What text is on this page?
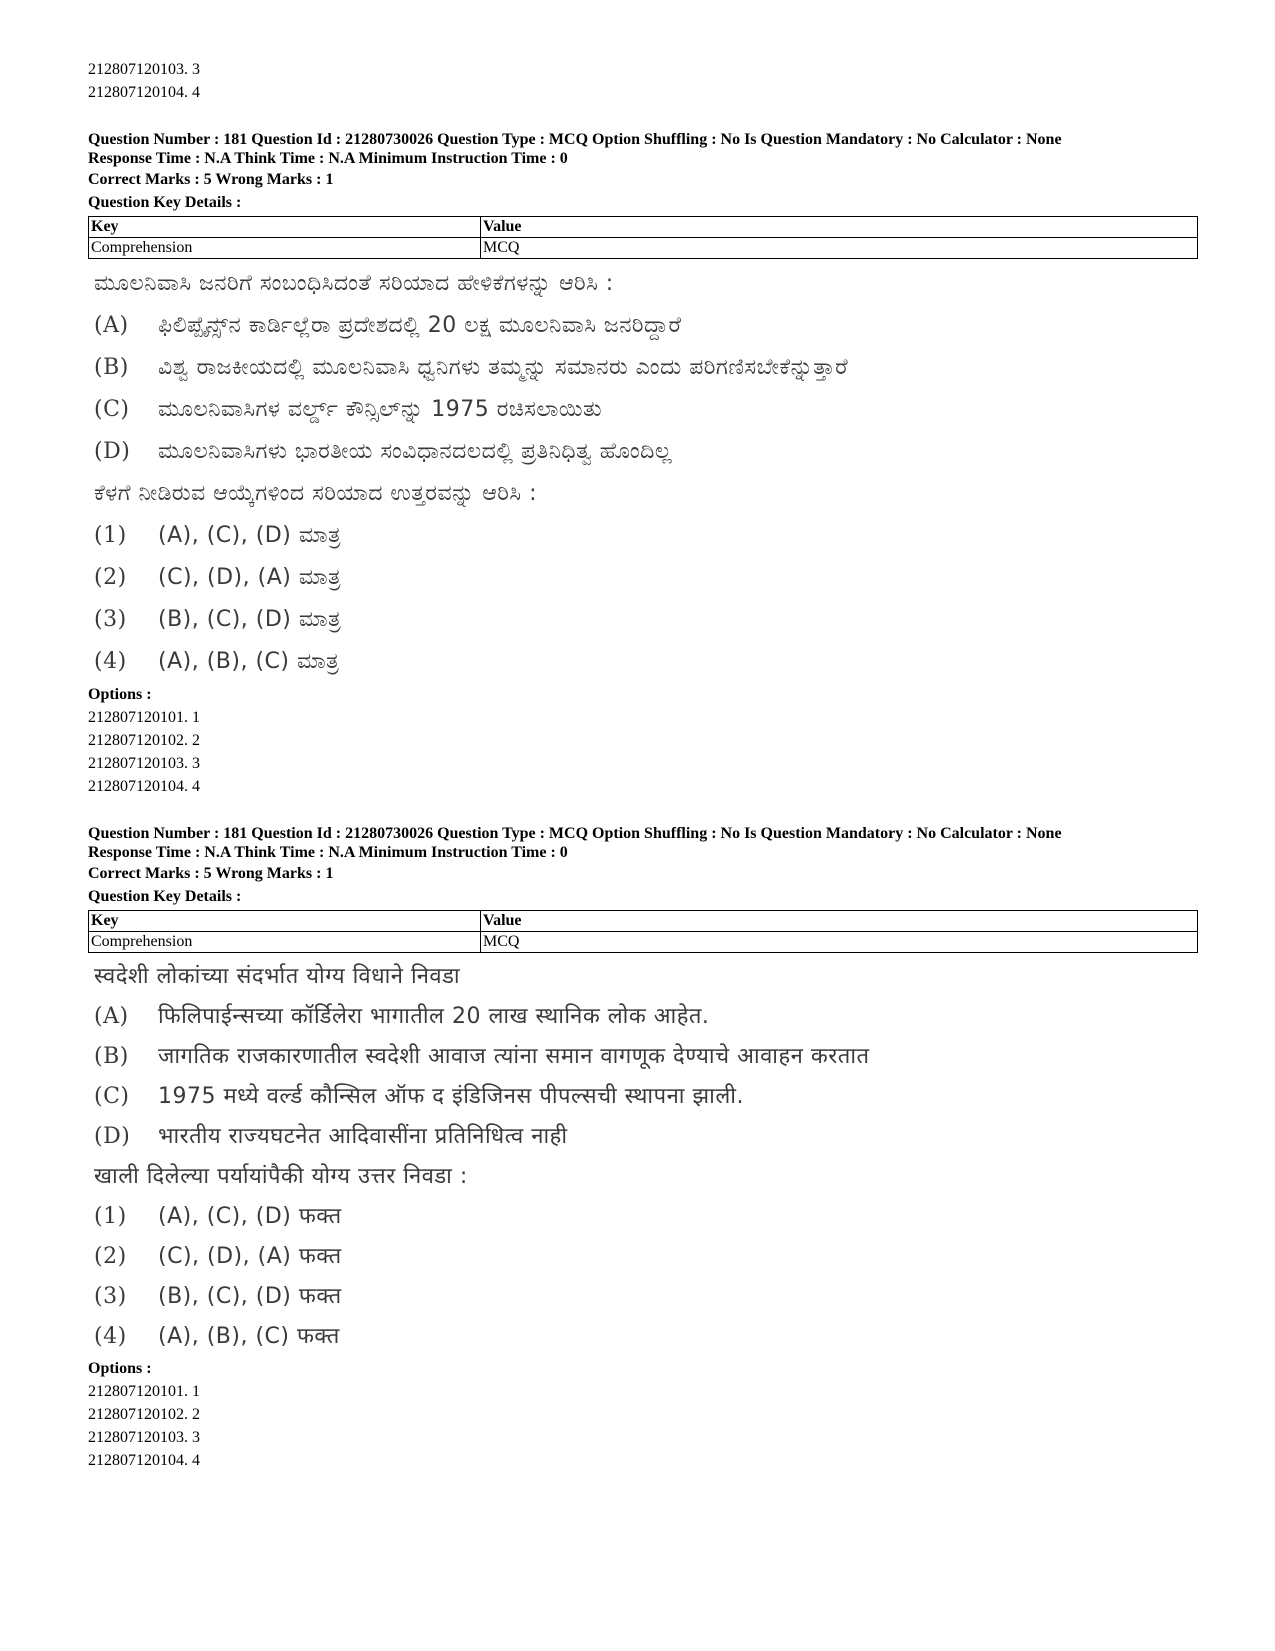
212807120103. 3
212807120104. 4
Question Number : 181 Question Id : 21280730026 Question Type : MCQ Option Shuffling : No Is Question Mandatory : No Calculator : None
Response Time : N.A Think Time : N.A Minimum Instruction Time : 0
Correct Marks : 5 Wrong Marks : 1
Question Key Details :
Key	Value
Comprehension	MCQ
ಮೂಲನಿವಾಸಿ ಜನರಿಗೆ ಸಂಬಂಧಿಸಿದಂತೆ ಸರಿಯಾದ ಹೇಳಿಕೆಗಳನ್ನು ಆರಿಸಿ :
(A) ಫಿಲಿಪ್ಪೈನ್ಸ್‌ನ ಕಾರ್ಡಿಲ್ಲೆರಾ ಪ್ರದೇಶದಲ್ಲಿ 20 ಲಕ್ಷ ಮೂಲನಿವಾಸಿ ಜನರಿದ್ದಾರೆ
(B) ವಿಶ್ವ ರಾಜಕೀಯದಲ್ಲಿ ಮೂಲನಿವಾಸಿ ಧ್ವನಿಗಳು ತಮ್ಮನ್ನು ಸಮಾನರು ಎಂದು ಪರಿಗಣಿಸಬೇಕೆನ್ನುತ್ತಾರೆ
(C) ಮೂಲನಿವಾಸಿಗಳ ವರ್ಲ್ಡ್ ಕೌನ್ಸಿಲ್‌ನ್ನು 1975 ರಚಿಸಲಾಯಿತು
(D) ಮೂಲನಿವಾಸಿಗಳು ಭಾರತೀಯ ಸಂವಿಧಾನದಲದಲ್ಲಿ ಪ್ರತಿನಿಧಿತ್ವ ಹೊಂದಿಲ್ಲ
ಕೆಳಗೆ ನೀಡಿರುವ ಆಯ್ಕೆಗಳಿಂದ ಸರಿಯಾದ ಉತ್ತರವನ್ನು ಆರಿಸಿ :
(1) (A), (C), (D) ಮಾತ್ರ
(2) (C), (D), (A) ಮಾತ್ರ
(3) (B), (C), (D) ಮಾತ್ರ
(4) (A), (B), (C) ಮಾತ್ರ
Options :
212807120101. 1
212807120102. 2
212807120103. 3
212807120104. 4
Question Number : 181 Question Id : 21280730026 Question Type : MCQ Option Shuffling : No Is Question Mandatory : No Calculator : None
Response Time : N.A Think Time : N.A Minimum Instruction Time : 0
Correct Marks : 5 Wrong Marks : 1
Question Key Details :
Key	Value
Comprehension	MCQ
स्वदेशी लोकांच्या संदर्भात योग्य विधाने निवडा
(A) फिलिपाईन्सच्या कॉर्डिलेरा भागातील 20 लाख स्थानिक लोक आहेत.
(B) जागतिक राजकारणातील स्वदेशी आवाज त्यांना समान वागणूक देण्याचे आवाहन करतात
(C) 1975 मध्ये वर्ल्ड कौन्सिल ऑफ द इंडिजिनस पीपल्सची स्थापना झाली.
(D) भारतीय राज्यघटनेत आदिवासींना प्रतिनिधित्व नाही
खाली दिलेल्या पर्यायांपैकी योग्य उत्तर निवडा :
(1) (A), (C), (D) फक्त
(2) (C), (D), (A) फक्त
(3) (B), (C), (D) फक्त
(4) (A), (B), (C) फक्त
Options :
212807120101. 1
212807120102. 2
212807120103. 3
212807120104. 4
